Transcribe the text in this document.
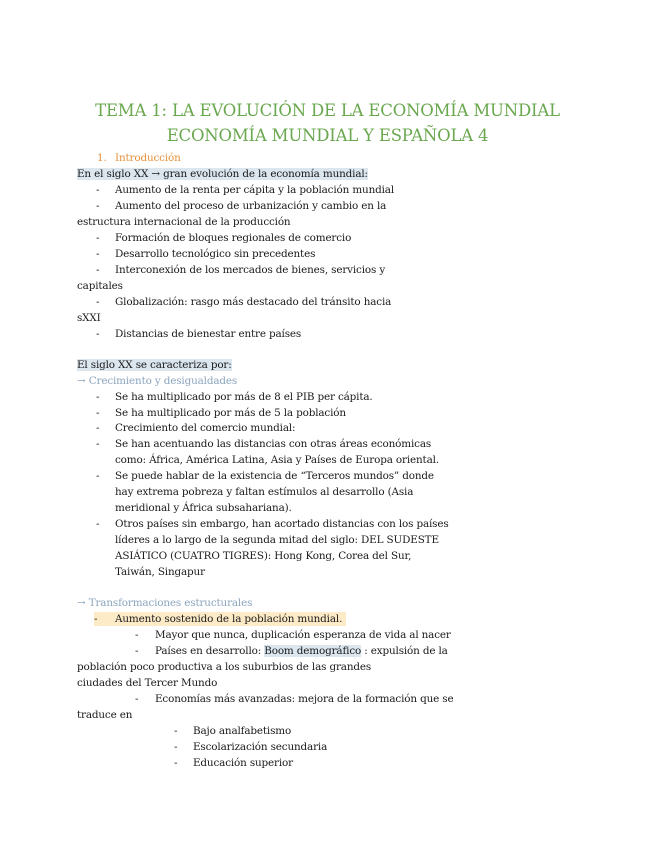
TEMA 1: LA EVOLUCIÓN DE LA ECONOMÍA MUNDIAL
ECONOMÍA MUNDIAL Y ESPAÑOLA 4
1. Introducción
En el siglo XX → gran evolución de la economía mundial:
- Aumento de la renta per cápita y la población mundial
- Aumento del proceso de urbanización y cambio en la
estructura internacional de la producción
- Formación de bloques regionales de comercio
- Desarrollo tecnológico sin precedentes
- Interconexión de los mercados de bienes, servicios y
capitales
- Globalización: rasgo más destacado del tránsito hacia
sXXI
- Distancias de bienestar entre países
El siglo XX se caracteriza por:
→ Crecimiento y desigualdades
- Se ha multiplicado por más de 8 el PIB per cápita.
- Se ha multiplicado por más de 5 la población
- Crecimiento del comercio mundial:
- Se han acentuando las distancias con otras áreas económicas
como: África, América Latina, Asia y Países de Europa oriental.
- Se puede hablar de la existencia de “Terceros mundos” donde
hay extrema pobreza y faltan estímulos al desarrollo (Asia
meridional y África subsahariana).
- Otros países sin embargo, han acortado distancias con los países
líderes a lo largo de la segunda mitad del siglo: DEL SUDESTE
ASIÁTICO (CUATRO TIGRES): Hong Kong, Corea del Sur,
Taiwán, Singapur
→ Transformaciones estructurales
- Aumento sostenido de la población mundial.
- Mayor que nunca, duplicación esperanza de vida al nacer
- Países en desarrollo: Boom demográfico : expulsión de la
población poco productiva a los suburbios de las grandes
ciudades del Tercer Mundo
- Economías más avanzadas: mejora de la formación que se
traduce en
- Bajo analfabetismo
- Escolarización secundaria
- Educación superior
